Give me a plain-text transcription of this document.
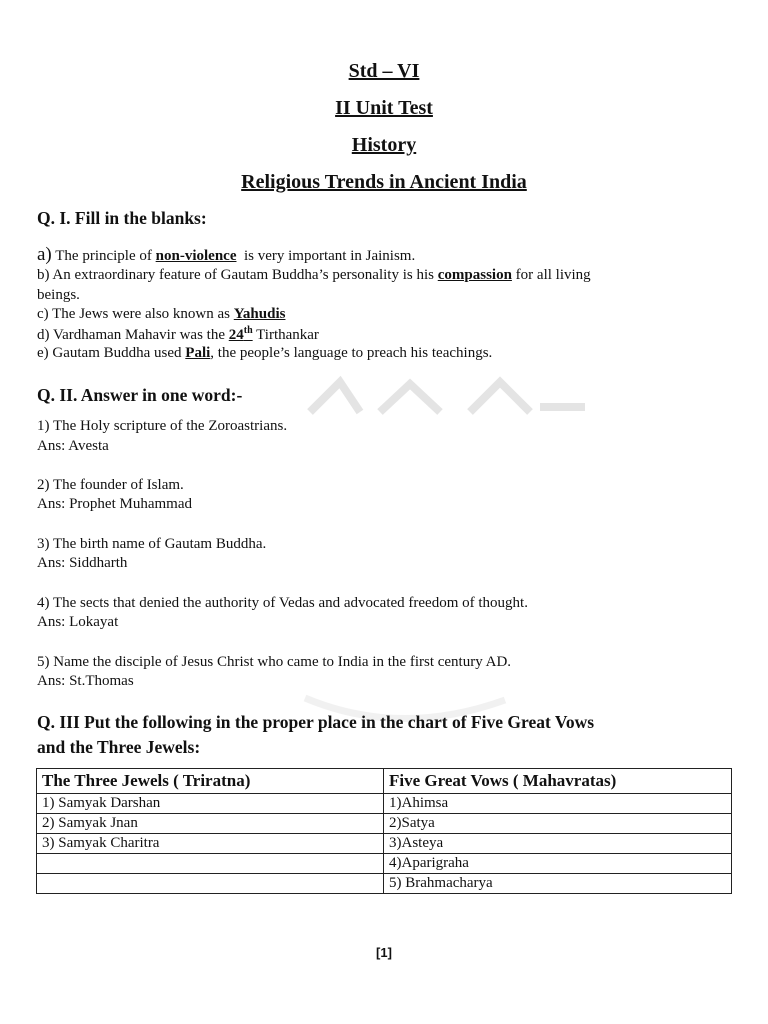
Std – VI
II Unit Test
History
Religious Trends in Ancient India
Q. I. Fill in the blanks:
a) The principle of non-violence is very important in Jainism.
b) An extraordinary feature of Gautam Buddha’s personality is his compassion for all living
beings.
c) The Jews were also known as Yahudis
d) Vardhaman Mahavir was the 24th Tirthankar
e) Gautam Buddha used Pali, the people’s language to preach his teachings.
Q. II. Answer in one word:-
1) The Holy scripture of the Zoroastrians.
Ans: Avesta
2) The founder of Islam.
Ans: Prophet Muhammad
3) The birth name of Gautam Buddha.
Ans: Siddharth
4) The sects that denied the authority of Vedas and advocated freedom of thought.
Ans: Lokayat
5) Name the disciple of Jesus Christ who came to India in the first century AD.
Ans: St.Thomas
Q. III Put the following in the proper place in the chart of Five Great Vows
and the Three Jewels:
The Three Jewels ( Triratna)	Five Great Vows ( Mahavratas)
1) Samyak Darshan	1)Ahimsa
2) Samyak Jnan	2)Satya
3) Samyak Charitra	3)Asteya
	4)Aparigraha
	5) Brahmacharya
[1]
